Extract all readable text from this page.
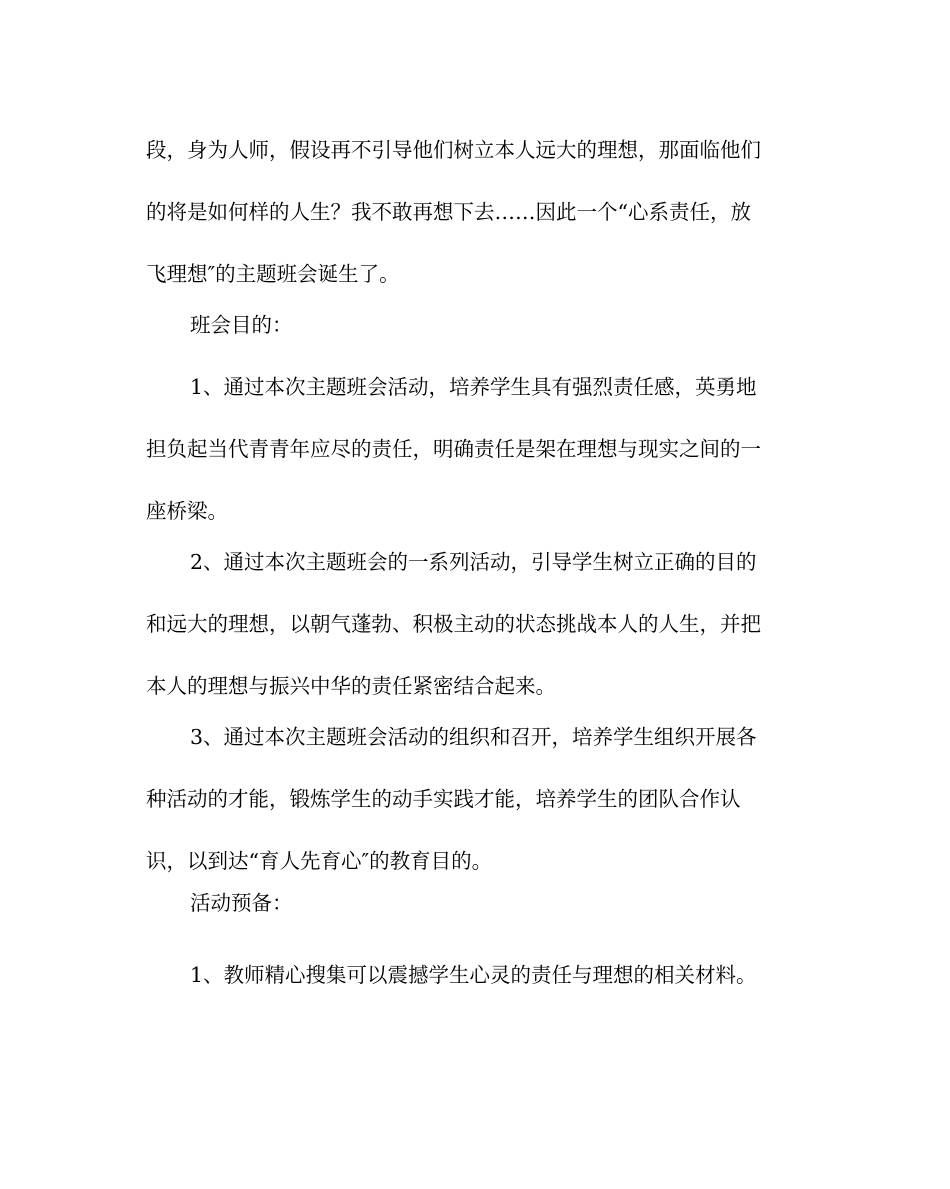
段，身为人师，假设再不引导他们树立本人远大的理想，那面临他们
的将是如何样的人生？我不敢再想下去……因此一个“心系责任，放
飞理想″的主题班会诞生了。

班会目的：

1、通过本次主题班会活动，培养学生具有强烈责任感，英勇地
担负起当代青青年应尽的责任，明确责任是架在理想与现实之间的一
座桥梁。

2、通过本次主题班会的一系列活动，引导学生树立正确的目的
和远大的理想，以朝气蓬勃、积极主动的状态挑战本人的人生，并把
本人的理想与振兴中华的责任紧密结合起来。

3、通过本次主题班会活动的组织和召开，培养学生组织开展各
种活动的才能，锻炼学生的动手实践才能，培养学生的团队合作认
识，以到达“育人先育心″的教育目的。

活动预备：

1、教师精心搜集可以震撼学生心灵的责任与理想的相关材料。
